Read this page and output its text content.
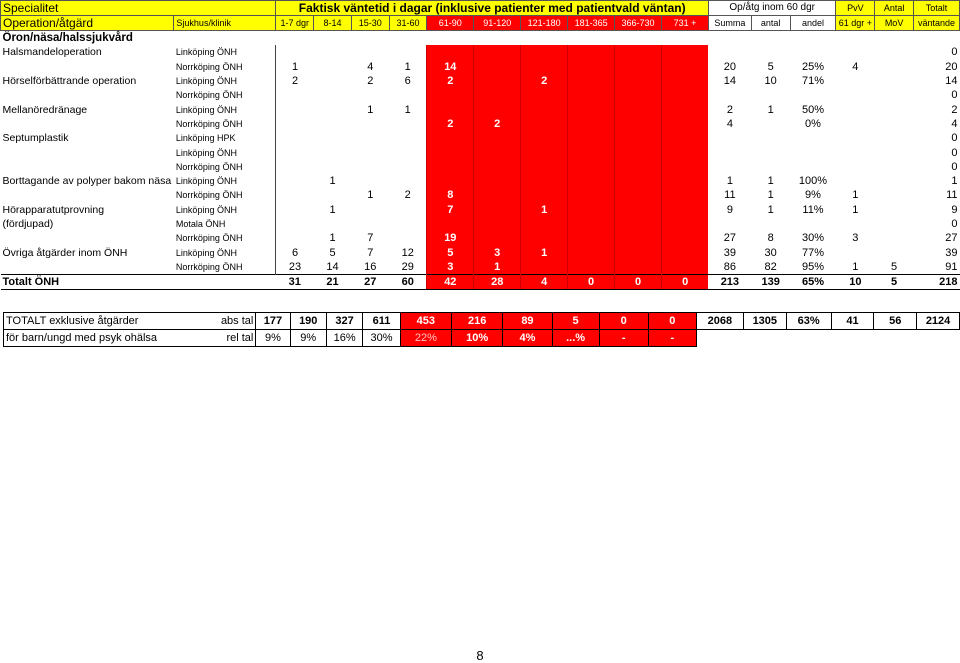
Specialitet		Faktisk väntetid i dagar (inklusive patienter med patientvald väntan)										Op/åtg inom 60 dgr			PvV	Antal	Totalt
Operation/åtgärd	Sjukhus/klinik	1-7 dgr	8-14	15-30	31-60	61-90	91-120	121-180	181-365	366-730	731 +	Summa	antal	andel	61 dgr +	MoV	väntande
Öron/näsa/halssjukvård																	
Halsmandeloperation	Linköping ÖNH																0
	Norrköping ÖNH	1		4	1	14						20	5	25%	4		20
Hörselförbättrande operation	Linköping ÖNH	2		2	6	2		2				14	10	71%			14
	Norrköping ÖNH																0
Mellanöredränage	Linköping ÖNH			1	1							2	1	50%			2
	Norrköping ÖNH					2	2					4		0%			4
Septumplastik	Linköping HPK																0
	Linköping ÖNH																0
	Norrköping ÖNH																0
Borttagande av polyper bakom näsa	Linköping ÖNH		1									1	1	100%			1
	Norrköping ÖNH			1	2	8						11	1	9%	1		11
Hörapparatutprovning	Linköping ÖNH		1			7		1				9	1	11%	1		9
(fördjupad)	Motala ÖNH																0
	Norrköping ÖNH		1	7		19						27	8	30%	3		27
Övriga åtgärder inom ÖNH	Linköping ÖNH	6	5	7	12	5	3	1				39	30	77%			39
	Norrköping ÖNH	23	14	16	29	3	1					86	82	95%	1	5	91
Totalt ÖNH		31	21	27	60	42	28	4	0	0	0	213	139	65%	10	5	218
TOTALT exklusive åtgärder	abs tal	177	190	327	611	453	216	89	5	0	0	2068	1305	63%	41	56	2124
för barn/ungd med psyk ohälsa	rel tal	9%	9%	16%	30%	22%	10%	4%	...%	-	-						
8
